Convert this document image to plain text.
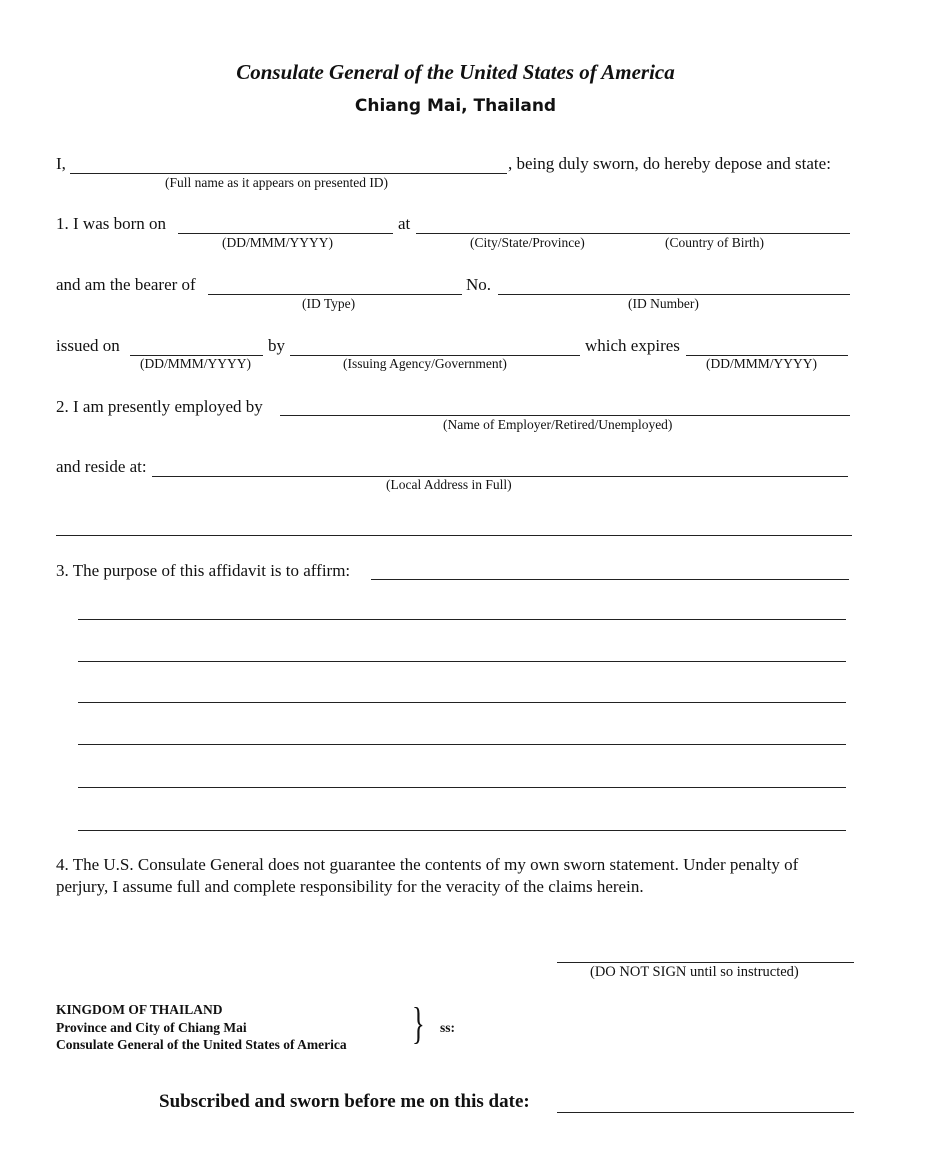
Consulate General of the United States of America
Chiang Mai, Thailand
I,	, being duly sworn, do hereby depose and state:
(Full name as it appears on presented ID)
1. I was born on	at
(DD/MMM/YYYY)	(City/State/Province)	(Country of Birth)
and am the bearer of	No.
(ID Type)	(ID Number)
issued on	by	which expires
(DD/MMM/YYYY)	(Issuing Agency/Government)	(DD/MMM/YYYY)
2. I am presently employed by
(Name of Employer/Retired/Unemployed)
and reside at:
(Local Address in Full)
3. The purpose of this affidavit is to affirm:
4. The U.S. Consulate General does not guarantee the contents of my own sworn statement. Under penalty of
perjury, I assume full and complete responsibility for the veracity of the claims herein.
(DO NOT SIGN until so instructed)
KINGDOM OF THAILAND
Province and City of Chiang Mai
Consulate General of the United States of America } ss:
Subscribed and sworn before me on this date:
